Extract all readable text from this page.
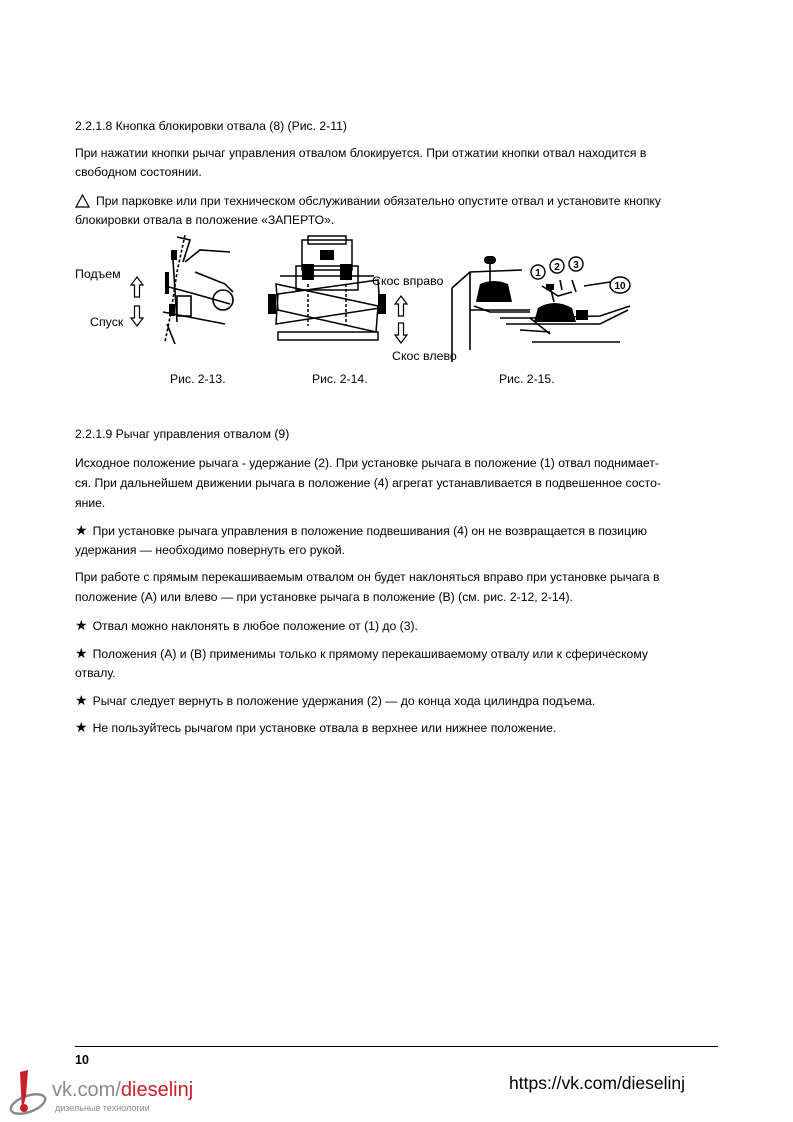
2.2.1.8 Кнопка блокировки отвала (8) (Рис. 2-11)

При нажатии кнопки рычаг управления отвалом блокируется. При отжатии кнопки отвал находится в

свободном состоянии.

При парковке или при техническом обслуживании обязательно опустите отвал и установите кнопку

блокировки отвала в положение «ЗАПЕРТО».

Подъем
Спуск
Рис. 2-13.
Скос вправо
Скос влево
Рис. 2-14.
1
2 3
10
Рис. 2-15.

2.2.1.9 Рычаг управления отвалом (9)

Исходное положение рычага - удержание (2). При установке рычага в положение (1) отвал поднимает-

ся. При дальнейшем движении рычага в положение (4) агрегат устанавливается в подвешенное состо-

яние.

★ При установке рычага управления в положение подвешивания (4) он не возвращается в позицию

удержания — необходимо повернуть его рукой.

При работе с прямым перекашиваемым отвалом он будет наклоняться вправо при установке рычага в

положение (А) или влево — при установке рычага в положение (В) (см. рис. 2-12, 2-14).

★ Отвал можно наклонять в любое положение от (1) до (3).

★ Положения (А) и (В) применимы только к прямому перекашиваемому отвалу или к сферическому

отвалу.

★ Рычаг следует вернуть в положение удержания (2) — до конца хода цилиндра подъема.

★ Не пользуйтесь рычагом при установке отвала в верхнее или нижнее положение.

10
vk.com/dieselinj
дизельные технологии
https://vk.com/dieselinj
